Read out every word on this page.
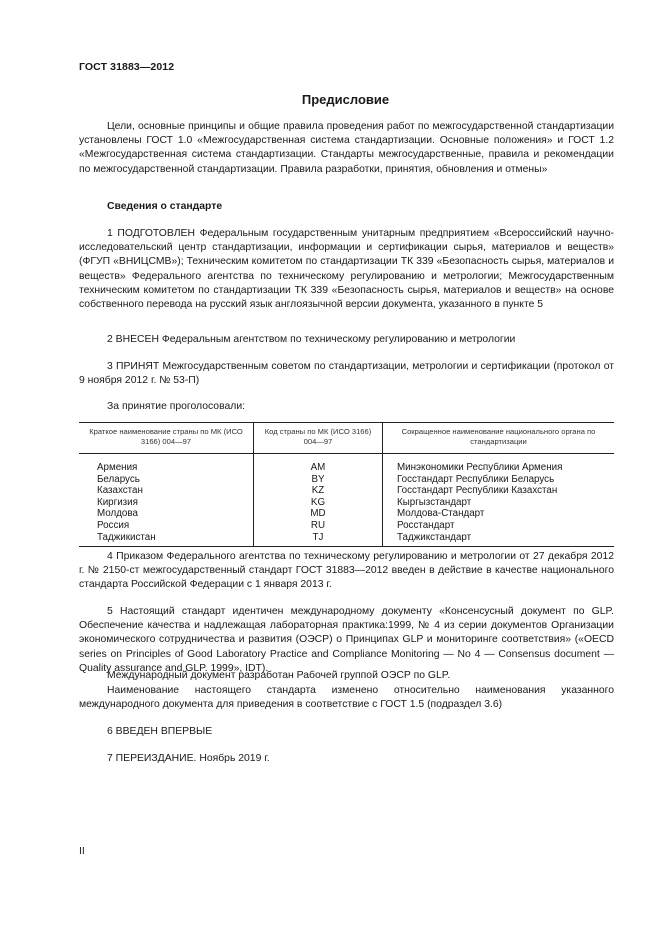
ГОСТ 31883—2012
Предисловие

Цели, основные принципы и общие правила проведения работ по межгосударственной стандартизации установлены ГОСТ 1.0 «Межгосударственная система стандартизации. Основные положения» и ГОСТ 1.2 «Межгосударственная система стандартизации. Стандарты межгосударственные, правила и рекомендации по межгосударственной стандартизации. Правила разработки, принятия, обновления и отмены»

Сведения о стандарте

1 ПОДГОТОВЛЕН Федеральным государственным унитарным предприятием «Всероссийский научно-исследовательский центр стандартизации, информации и сертификации сырья, материалов и веществ» (ФГУП «ВНИЦСМВ»); Техническим комитетом по стандартизации ТК 339 «Безопасность сырья, материалов и веществ» Федерального агентства по техническому регулированию и метрологии; Межгосударственным техническим комитетом по стандартизации ТК 339 «Безопасность сырья, материалов и веществ» на основе собственного перевода на русский язык англоязычной версии документа, указанного в пункте 5

2 ВНЕСЕН Федеральным агентством по техническому регулированию и метрологии

3 ПРИНЯТ Межгосударственным советом по стандартизации, метрологии и сертификации (протокол от 9 ноября 2012 г. № 53-П)

За принятие проголосовали:
Краткое наименование страны по МК (ИСО 3166) 004—97	Код страны по МК (ИСО 3166) 004—97	Сокращенное наименование национального органа по стандартизации
Армения	AM	Минэкономики Республики Армения
Беларусь	BY	Госстандарт Республики Беларусь
Казахстан	KZ	Госстандарт Республики Казахстан
Киргизия	KG	Кыргызстандарт
Молдова	MD	Молдова-Стандарт
Россия	RU	Росстандарт
Таджикистан	TJ	Таджикстандарт

4 Приказом Федерального агентства по техническому регулированию и метрологии от 27 декабря 2012 г. № 2150-ст межгосударственный стандарт ГОСТ 31883—2012 введен в действие в качестве национального стандарта Российской Федерации с 1 января 2013 г.

5 Настоящий стандарт идентичен международному документу «Консенсусный документ по GLP. Обеспечение качества и надлежащая лабораторная практика:1999, № 4 из серии документов Организации экономического сотрудничества и развития (ОЭСР) о Принципах GLP и мониторинге соответствия» («OECD series on Principles of Good Laboratory Practice and Compliance Monitoring — No 4 — Consensus document — Quality assurance and GLP. 1999», IDT).

Международный документ разработан Рабочей группой ОЭСР по GLP.

Наименование настоящего стандарта изменено относительно наименования указанного международного документа для приведения в соответствие с ГОСТ 1.5 (подраздел 3.6)

6 ВВЕДЕН ВПЕРВЫЕ

7 ПЕРЕИЗДАНИЕ. Ноябрь 2019 г.

II
